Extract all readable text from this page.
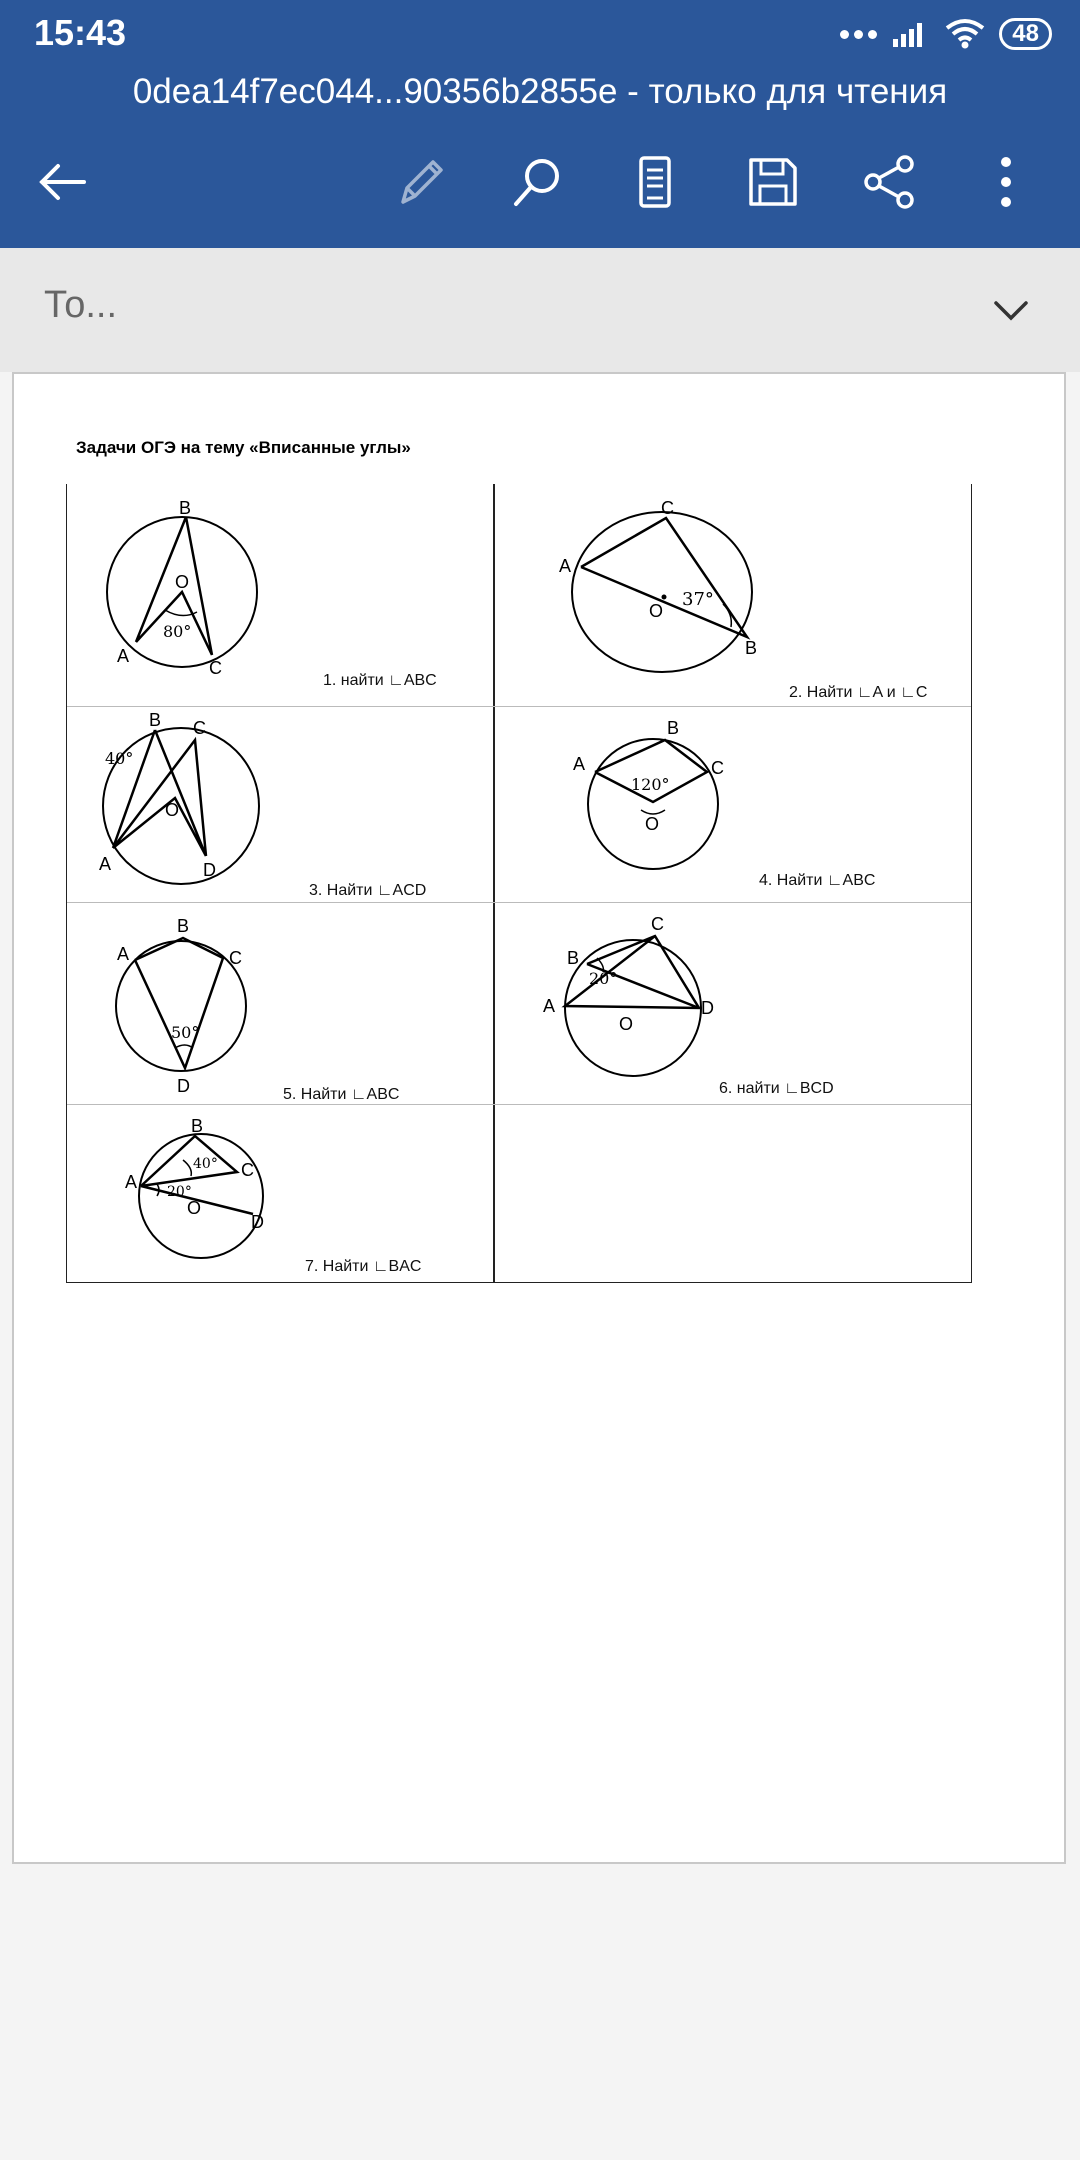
15:43	48
0dea14f7ec044...90356b2855e - только для чтения
То...
Задачи ОГЭ на тему «Вписанные углы»
B
O
80°
A
C
1. найти ∟ABC
C
A
37°
O
B
2. Найти ∟A и ∟C
B C
40°
O
A	D
3. Найти ∟ACD
B
A	C
120°
O
4. Найти ∟ABC
B
A	C
50°
D	5. Найти ∟ABC
C
B
20°
A	D
O
6. найти ∟BCD
B
C
40°
A 20°
O
D
7. Найти ∟BAC
